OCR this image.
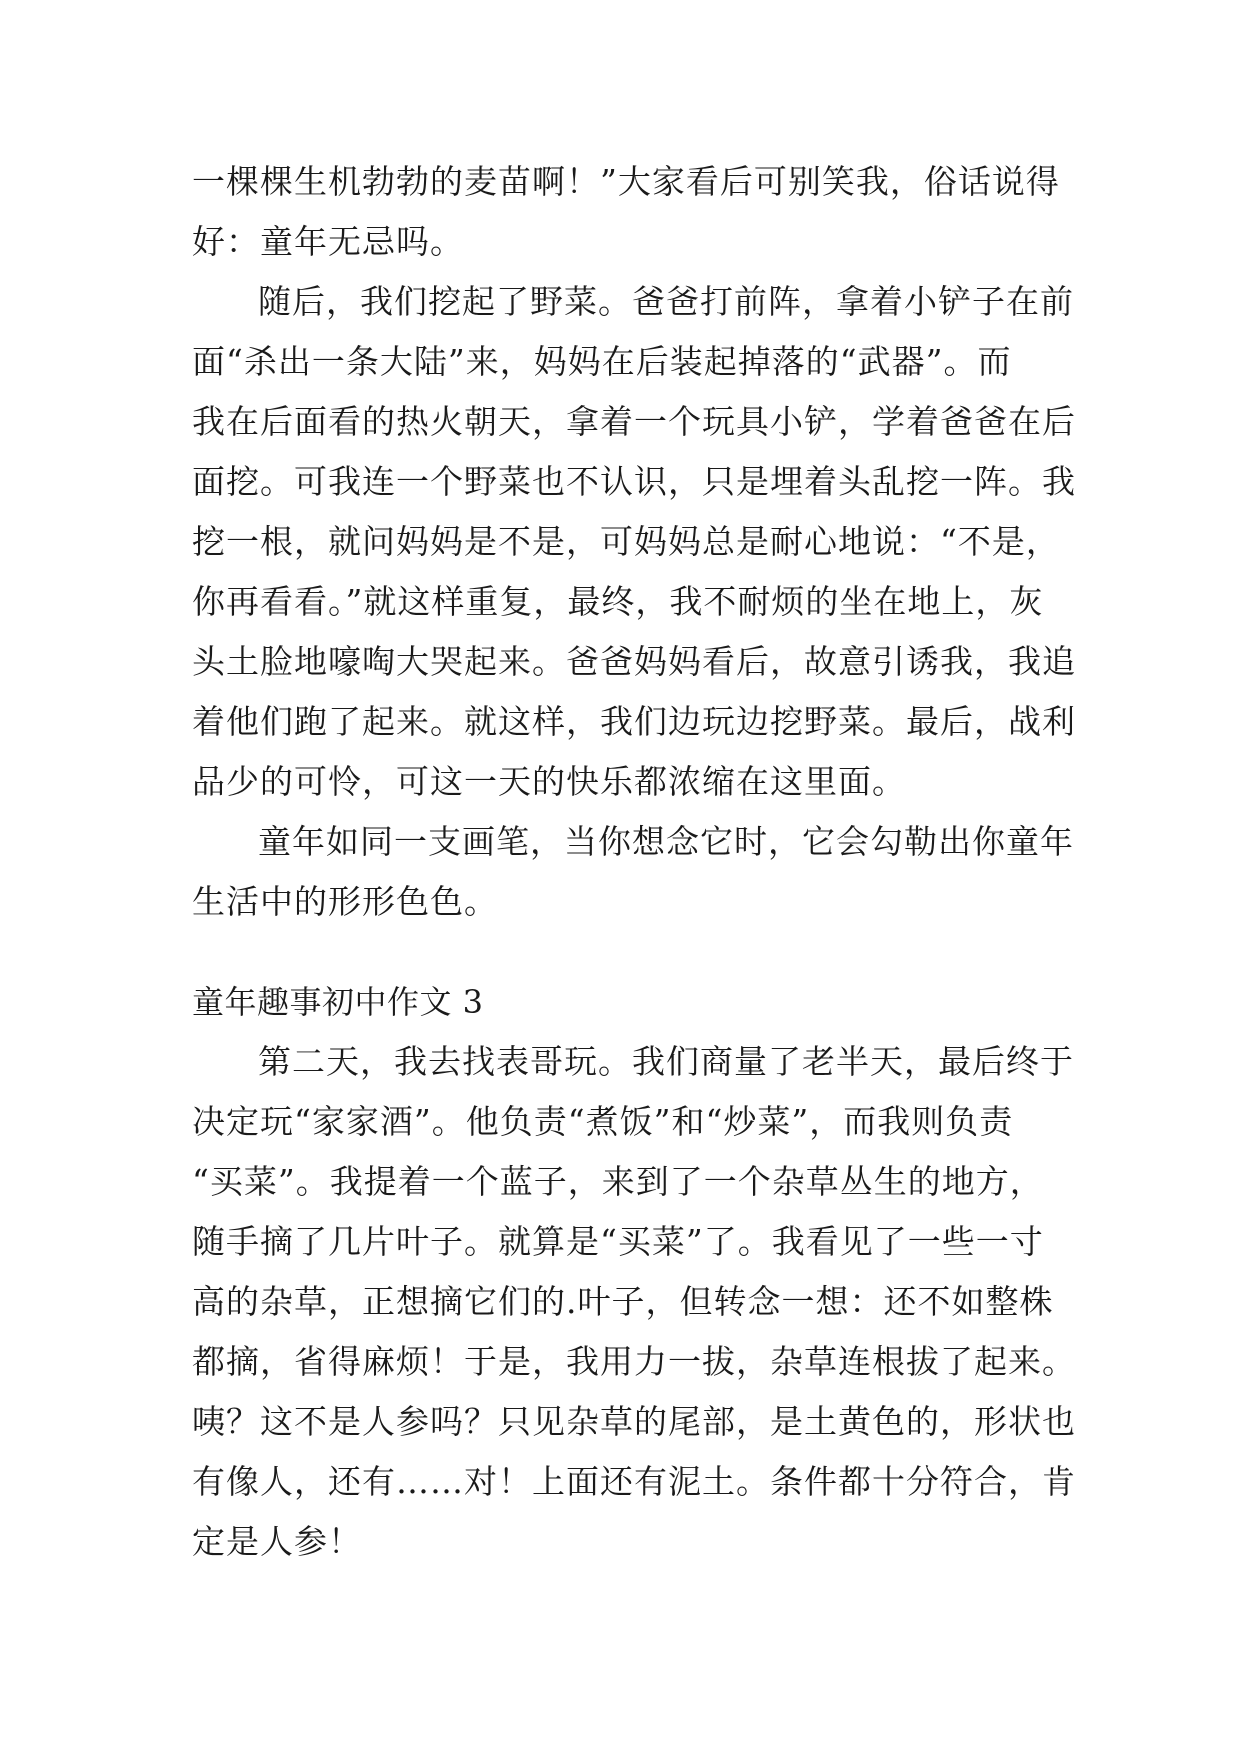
一棵棵生机勃勃的麦苗啊！”大家看后可别笑我，俗话说得
好：童年无忌吗。
随后，我们挖起了野菜。爸爸打前阵，拿着小铲子在前
面“杀出一条大陆”来，妈妈在后装起掉落的“武器”。而
我在后面看的热火朝天，拿着一个玩具小铲，学着爸爸在后
面挖。可我连一个野菜也不认识，只是埋着头乱挖一阵。我
挖一根，就问妈妈是不是，可妈妈总是耐心地说：“不是，
你再看看。”就这样重复，最终，我不耐烦的坐在地上，灰
头土脸地嚎啕大哭起来。爸爸妈妈看后，故意引诱我，我追
着他们跑了起来。就这样，我们边玩边挖野菜。最后，战利
品少的可怜，可这一天的快乐都浓缩在这里面。
童年如同一支画笔，当你想念它时，它会勾勒出你童年
生活中的形形色色。
童年趣事初中作文 3
第二天，我去找表哥玩。我们商量了老半天，最后终于
决定玩“家家酒”。他负责“煮饭”和“炒菜”，而我则负责
“买菜”。我提着一个蓝子，来到了一个杂草丛生的地方，
随手摘了几片叶子。就算是“买菜”了。我看见了一些一寸
高的杂草，正想摘它们的.叶子，但转念一想：还不如整株
都摘，省得麻烦！于是，我用力一拔，杂草连根拔了起来。
咦？这不是人参吗？只见杂草的尾部，是土黄色的，形状也
有像人，还有……对！上面还有泥土。条件都十分符合，肯
定是人参！
